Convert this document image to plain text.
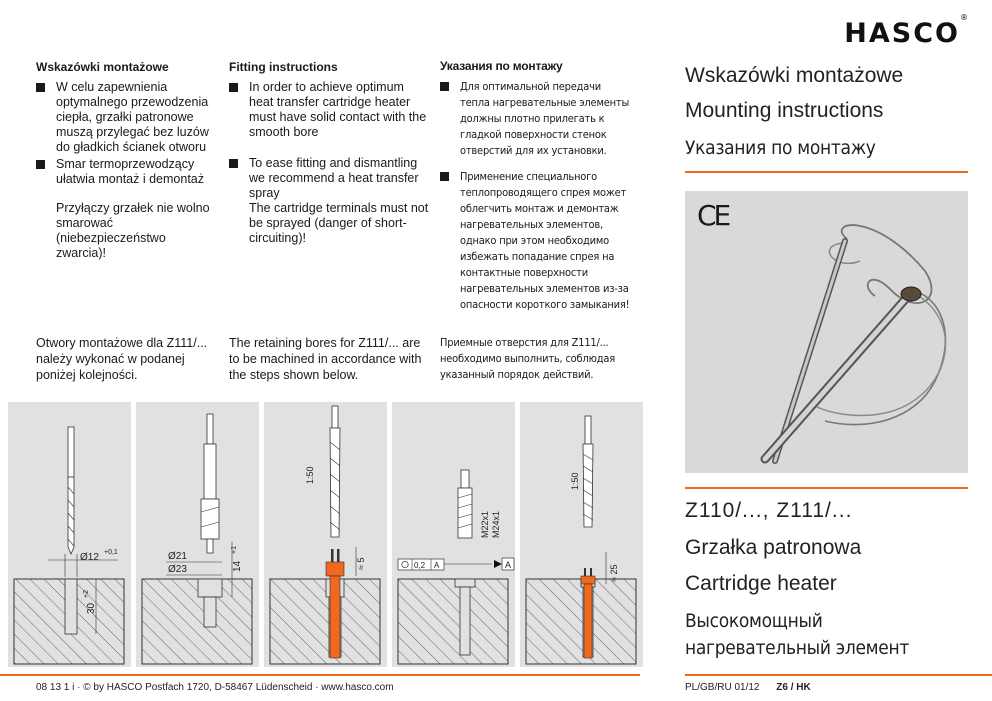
HASCO®
Wskazówki montażowe
W celu zapewnienia optymalnego przewodzenia ciepła, grzałki patronowe muszą przylegać bez luzów do gładkich ścianek otworu
Smar termoprzewodzący ułatwia montaż i demontaż
Przyłączy grzałek nie wolno smarować (niebezpieczeństwo zwarcia)!
Fitting instructions
In order to achieve optimum heat transfer cartridge heater must have solid contact with the smooth bore
To ease fitting and dismantling we recommend a heat transfer spray
The cartridge terminals must not be sprayed (danger of short-circuiting)!
Указания по монтажу
Для оптимальной передачи тепла нагревательные элементы должны плотно прилегать к гладкой поверхности стенок отверстий для их установки.
Применение специального теплопроводящего спрея может облегчить монтаж и демонтаж нагревательных элементов, однако при этом необходимо избежать попадание спрея на контактные поверхности нагревательных элементов из-за опасности короткого замыкания!
Otwory montażowe dla Z111/... należy wykonać w podanej poniżej kolejności.
The retaining bores for Z111/... are to be machined in accordance with the steps shown below.
Приемные отверстия для Z111/... необходимо выполнить, соблюдая указанный порядок действий.
Ø12 +0,1
30
+2
Ø21
Ø23	14
+1
1:50
≈ 5
M22x1 M24x1
0,2 A	A
1:50
≈ 25
Wskazówki montażowe
Mounting instructions
Указания по монтажу
CE
Z110/..., Z111/...
Grzałka patronowa
Cartridge heater
Высокомощный
нагревательный элемент
08 13 1 i · © by HASCO Postfach 1720, D-58467 Lüdenscheid · www.hasco.com	PL/GB/RU 01/12 Z6 / HK
